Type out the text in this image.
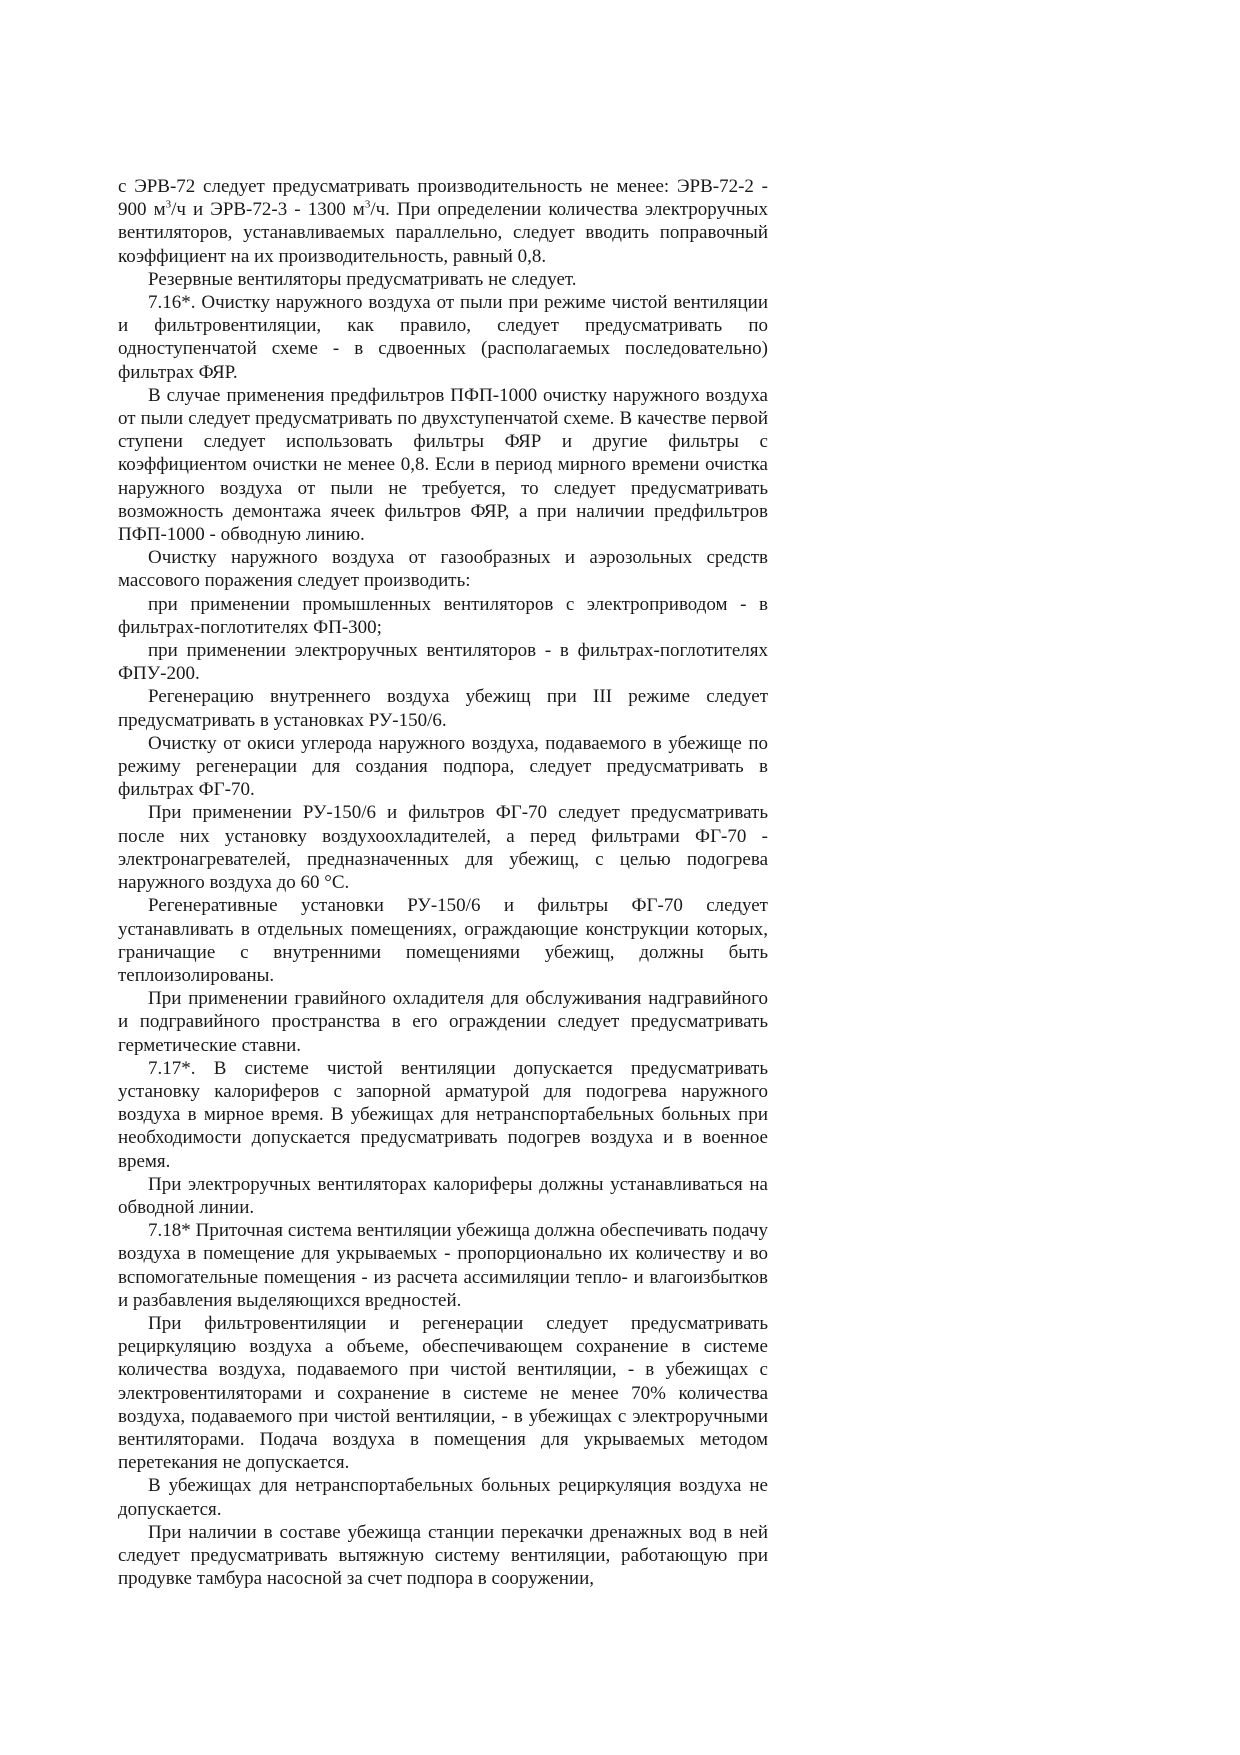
с ЭРВ-72 следует предусматривать производительность не менее: ЭРВ-72-2 - 900 $м^3/ч$ и ЭРВ-72-3 - 1300 $м^3/ч$. При определении количества электроручных вентиляторов, устанавливаемых параллельно, следует вводить поправочный коэффициент на их производительность, равный 0,8.

Резервные вентиляторы предусматривать не следует.

7.16*. Очистку наружного воздуха от пыли при режиме чистой вентиляции и фильтровентиляции, как правило, следует предусматривать по одноступенчатой схеме - в сдвоенных (располагаемых последовательно) фильтрах ФЯР.

В случае применения предфильтров ПФП-1000 очистку наружного воздуха от пыли следует предусматривать по двухступенчатой схеме. В качестве первой ступени следует использовать фильтры ФЯР и другие фильтры с коэффициентом очистки не менее 0,8. Если в период мирного времени очистка наружного воздуха от пыли не требуется, то следует предусматривать возможность демонтажа ячеек фильтров ФЯР, а при наличии предфильтров ПФП-1000 - обводную линию.

Очистку наружного воздуха от газообразных и аэрозольных средств массового поражения следует производить:

при применении промышленных вентиляторов с электроприводом - в фильтрах-поглотителях ФП-300;

при применении электроручных вентиляторов - в фильтрах-поглотителях ФПУ-200.

Регенерацию внутреннего воздуха убежищ при III режиме следует предусматривать в установках РУ-150/6.

Очистку от окиси углерода наружного воздуха, подаваемого в убежище по режиму регенерации для создания подпора, следует предусматривать в фильтрах ФГ-70.

При применении РУ-150/6 и фильтров ФГ-70 следует предусматривать после них установку воздухоохладителей, а перед фильтрами ФГ-70 - электронагревателей, предназначенных для убежищ, с целью подогрева наружного воздуха до 60 °С.

Регенеративные установки РУ-150/6 и фильтры ФГ-70 следует устанавливать в отдельных помещениях, ограждающие конструкции которых, граничащие с внутренними помещениями убежищ, должны быть теплоизолированы.

При применении гравийного охладителя для обслуживания надгравийного и подгравийного пространства в его ограждении следует предусматривать герметические ставни.

7.17*. В системе чистой вентиляции допускается предусматривать установку калориферов с запорной арматурой для подогрева наружного воздуха в мирное время. В убежищах для нетранспортабельных больных при необходимости допускается предусматривать подогрев воздуха и в военное время.

При электроручных вентиляторах калориферы должны устанавливаться на обводной линии.

7.18* Приточная система вентиляции убежища должна обеспечивать подачу воздуха в помещение для укрываемых - пропорционально их количеству и во вспомогательные помещения - из расчета ассимиляции тепло- и влагоизбытков и разбавления выделяющихся вредностей.

При фильтровентиляции и регенерации следует предусматривать рециркуляцию воздуха а объеме, обеспечивающем сохранение в системе количества воздуха, подаваемого при чистой вентиляции, - в убежищах с электровентиляторами и сохранение в системе не менее 70% количества воздуха, подаваемого при чистой вентиляции, - в убежищах с электроручными вентиляторами. Подача воздуха в помещения для укрываемых методом перетекания не допускается.

В убежищах для нетранспортабельных больных рециркуляция воздуха не допускается.

При наличии в составе убежища станции перекачки дренажных вод в ней следует предусматривать вытяжную систему вентиляции, работающую при продувке тамбура насосной за счет подпора в сооружении,
